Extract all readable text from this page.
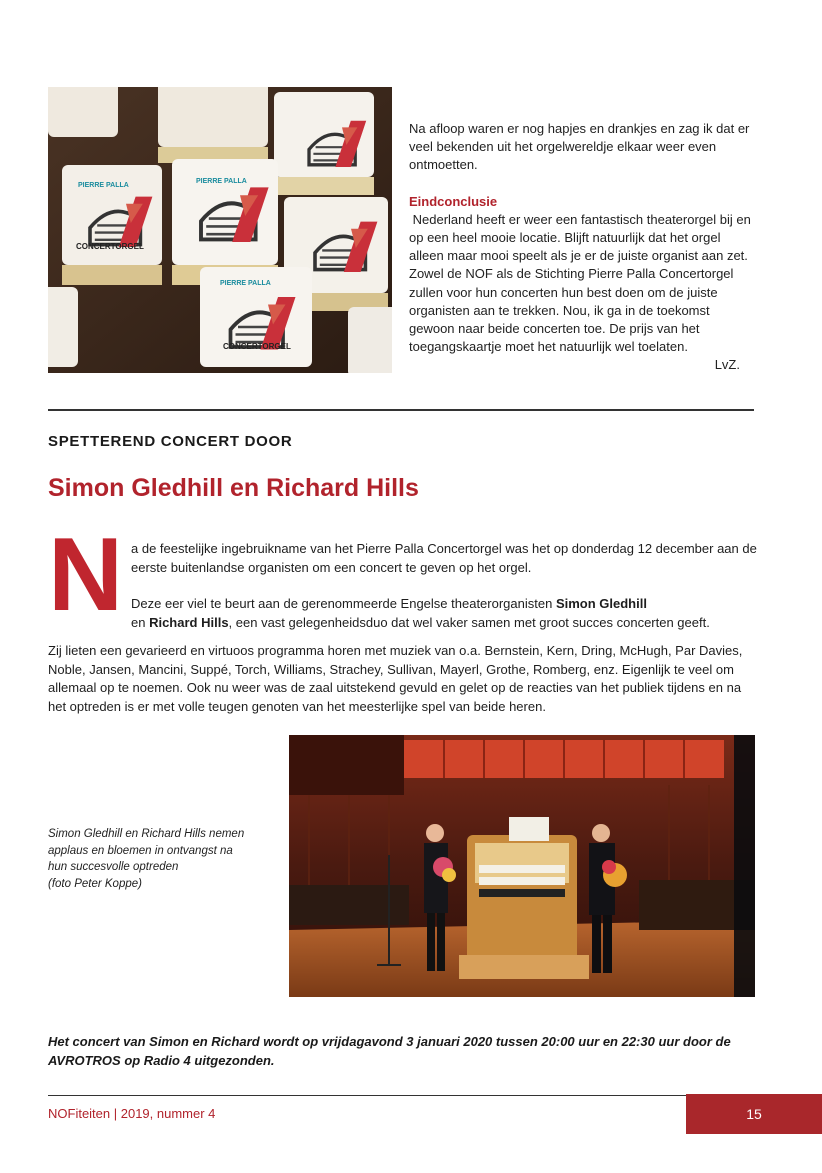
PIERRE PALLA
CONCERTORGEL
PIERRE PALLA
PIERRE PALLA
CONCERTORGEL

Na afloop waren er nog hapjes en drankjes en zag ik dat er veel bekenden uit het orgelwereldje elkaar weer even ontmoetten.

Eindconclusie

Nederland heeft er weer een fantastisch theaterorgel bij en op een heel mooie locatie. Blijft natuurlijk dat het orgel alleen maar mooi speelt als je er de juiste organist aan zet. Zowel de NOF als de Stichting Pierre Palla Concertorgel zullen voor hun concerten hun best doen om de juiste organisten aan te trekken. Nou, ik ga in de toekomst gewoon naar beide concerten toe. De prijs van het toegangskaartje moet het natuurlijk wel toelaten.

LvZ.

SPETTEREND CONCERT DOOR
Simon Gledhill en Richard Hills
N a de feestelijke ingebruikname van het Pierre Palla Concertorgel was het op donderdag 12 december aan de eerste buitenlandse organisten om een concert te geven op het orgel.

Deze eer viel te beurt aan de gerenommeerde Engelse theaterorganisten Simon Gledhill
en Richard Hills, een vast gelegenheidsduo dat wel vaker samen met groot succes concerten geeft.

Zij lieten een gevarieerd en virtuoos programma horen met muziek van o.a. Bernstein, Kern, Dring, McHugh, Par Davies, Noble, Jansen, Mancini, Suppé, Torch, Williams, Strachey, Sullivan, Mayerl, Grothe, Romberg, enz. Eigenlijk te veel om allemaal op te noemen. Ook nu weer was de zaal uitstekend gevuld en gelet op de reacties van het publiek tijdens en na het optreden is er met volle teugen genoten van het meesterlijke spel van beide heren.

Simon Gledhill en Richard Hills nemen

applaus en bloemen in ontvangst na

hun succesvolle optreden

(foto Peter Koppe)

Het concert van Simon en Richard wordt op vrijdagavond 3 januari 2020 tussen 20:00 uur en 22:30 uur door de AVROTROS op Radio 4 uitgezonden.
NOFiteiten | 2019, nummer 4	15
